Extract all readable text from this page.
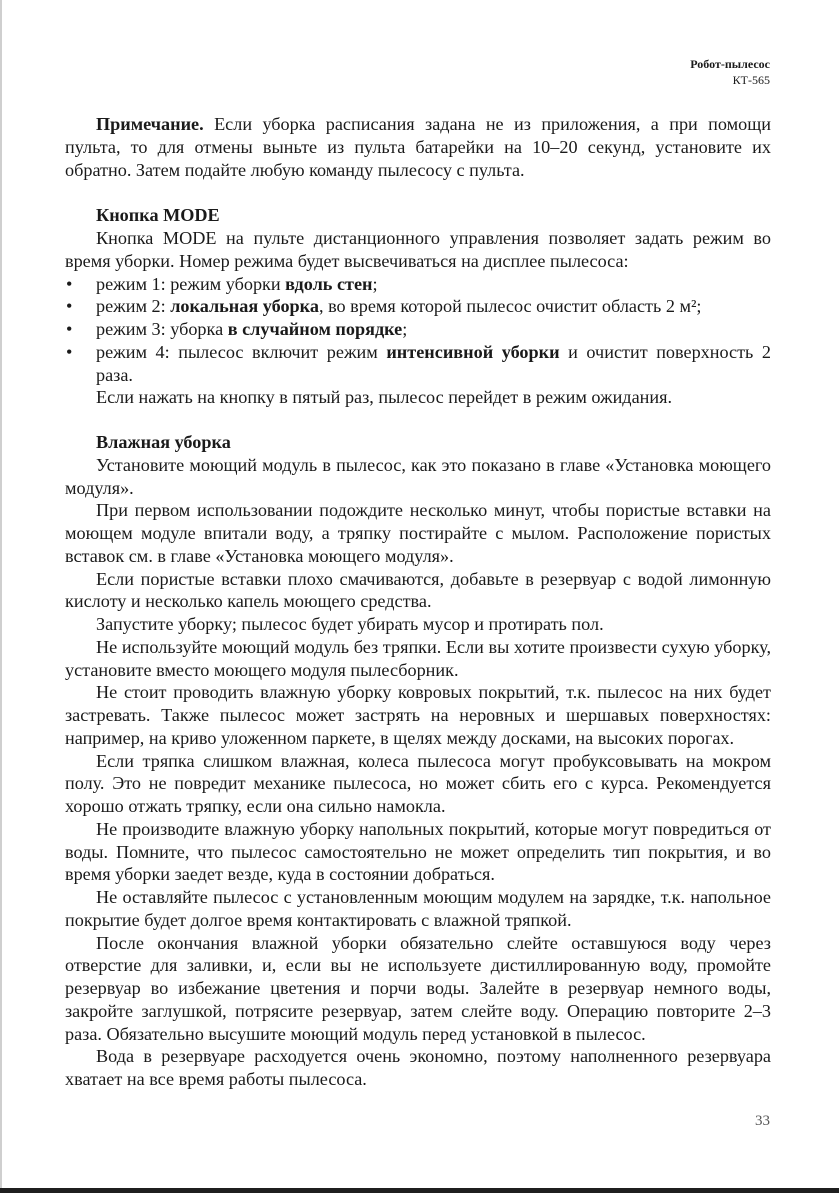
Робот-пылесос
КТ-565

Примечание. Если уборка расписания задана не из приложения, а при помощи пульта, то для отмены выньте из пульта батарейки на 10–20 секунд, установите их обратно. Затем подайте любую команду пылесосу с пульта.

Кнопка MODE

Кнопка MODE на пульте дистанционного управления позволяет задать режим во время уборки. Номер режима будет высвечиваться на дисплее пылесоса:

• режим 1: режим уборки вдоль стен;
• режим 2: локальная уборка, во время которой пылесос очистит область 2 м²;
• режим 3: уборка в случайном порядке;
• режим 4: пылесос включит режим интенсивной уборки и очистит поверхность 2 раза.

Если нажать на кнопку в пятый раз, пылесос перейдет в режим ожидания.

Влажная уборка

Установите моющий модуль в пылесос, как это показано в главе «Установка моющего модуля».

При первом использовании подождите несколько минут, чтобы пористые вставки на моющем модуле впитали воду, а тряпку постирайте с мылом. Расположение пористых вставок см. в главе «Установка моющего модуля».

Если пористые вставки плохо смачиваются, добавьте в резервуар с водой лимонную кислоту и несколько капель моющего средства.

Запустите уборку; пылесос будет убирать мусор и протирать пол.

Не используйте моющий модуль без тряпки. Если вы хотите произвести сухую уборку, установите вместо моющего модуля пылесборник.

Не стоит проводить влажную уборку ковровых покрытий, т.к. пылесос на них будет застревать. Также пылесос может застрять на неровных и шершавых поверхностях: например, на криво уложенном паркете, в щелях между досками, на высоких порогах.

Если тряпка слишком влажная, колеса пылесоса могут пробуксовывать на мокром полу. Это не повредит механике пылесоса, но может сбить его с курса. Рекомендуется хорошо отжать тряпку, если она сильно намокла.

Не производите влажную уборку напольных покрытий, которые могут повредиться от воды. Помните, что пылесос самостоятельно не может определить тип покрытия, и во время уборки заедет везде, куда в состоянии добраться.

Не оставляйте пылесос с установленным моющим модулем на зарядке, т.к. напольное покрытие будет долгое время контактировать с влажной тряпкой.

После окончания влажной уборки обязательно слейте оставшуюся воду через отверстие для заливки, и, если вы не используете дистиллированную воду, промойте резервуар во избежание цветения и порчи воды. Залейте в резервуар немного воды, закройте заглушкой, потрясите резервуар, затем слейте воду. Операцию повторите 2–3 раза. Обязательно высушите моющий модуль перед установкой в пылесос.

Вода в резервуаре расходуется очень экономно, поэтому наполненного резервуара хватает на все время работы пылесоса.

33
